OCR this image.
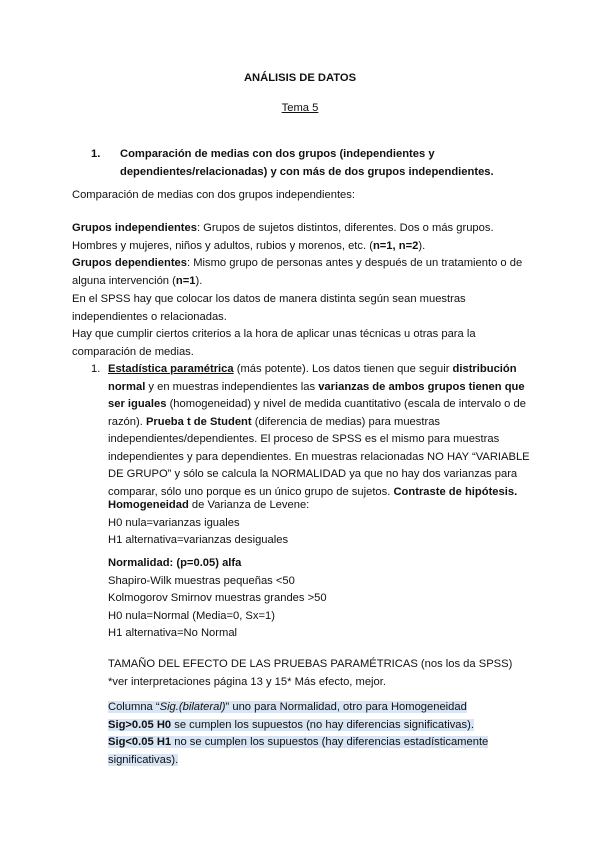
ANÁLISIS DE DATOS
Tema 5
1. Comparación de medias con dos grupos (independientes y
dependientes/relacionadas) y con más de dos grupos independientes.
Comparación de medias con dos grupos independientes:
Grupos independientes: Grupos de sujetos distintos, diferentes. Dos o más grupos.
Hombres y mujeres, niños y adultos, rubios y morenos, etc. (n=1, n=2).
Grupos dependientes: Mismo grupo de personas antes y después de un tratamiento o de
alguna intervención (n=1).
En el SPSS hay que colocar los datos de manera distinta según sean muestras
independientes o relacionadas.
Hay que cumplir ciertos criterios a la hora de aplicar unas técnicas u otras para la
comparación de medias.
1. Estadística paramétrica (más potente). Los datos tienen que seguir distribución
normal y en muestras independientes las varianzas de ambos grupos tienen que
ser iguales (homogeneidad) y nivel de medida cuantitativo (escala de intervalo o de
razón). Prueba t de Student (diferencia de medias) para muestras
independientes/dependientes. El proceso de SPSS es el mismo para muestras
independientes y para dependientes. En muestras relacionadas NO HAY “VARIABLE
DE GRUPO” y sólo se calcula la NORMALIDAD ya que no hay dos varianzas para
comparar, sólo uno porque es un único grupo de sujetos. Contraste de hipótesis.
Homogeneidad de Varianza de Levene:
H0 nula=varianzas iguales
H1 alternativa=varianzas desiguales
Normalidad: (p=0.05) alfa
Shapiro-Wilk muestras pequeñas <50
Kolmogorov Smirnov muestras grandes >50
H0 nula=Normal (Media=0, Sx=1)
H1 alternativa=No Normal
TAMAÑO DEL EFECTO DE LAS PRUEBAS PARAMÉTRICAS (nos los da SPSS)
*ver interpretaciones página 13 y 15* Más efecto, mejor.
Columna “Sig.(bilateral)” uno para Normalidad, otro para Homogeneidad
Sig>0.05 H0 se cumplen los supuestos (no hay diferencias significativas).
Sig<0.05 H1 no se cumplen los supuestos (hay diferencias estadísticamente
significativas).
